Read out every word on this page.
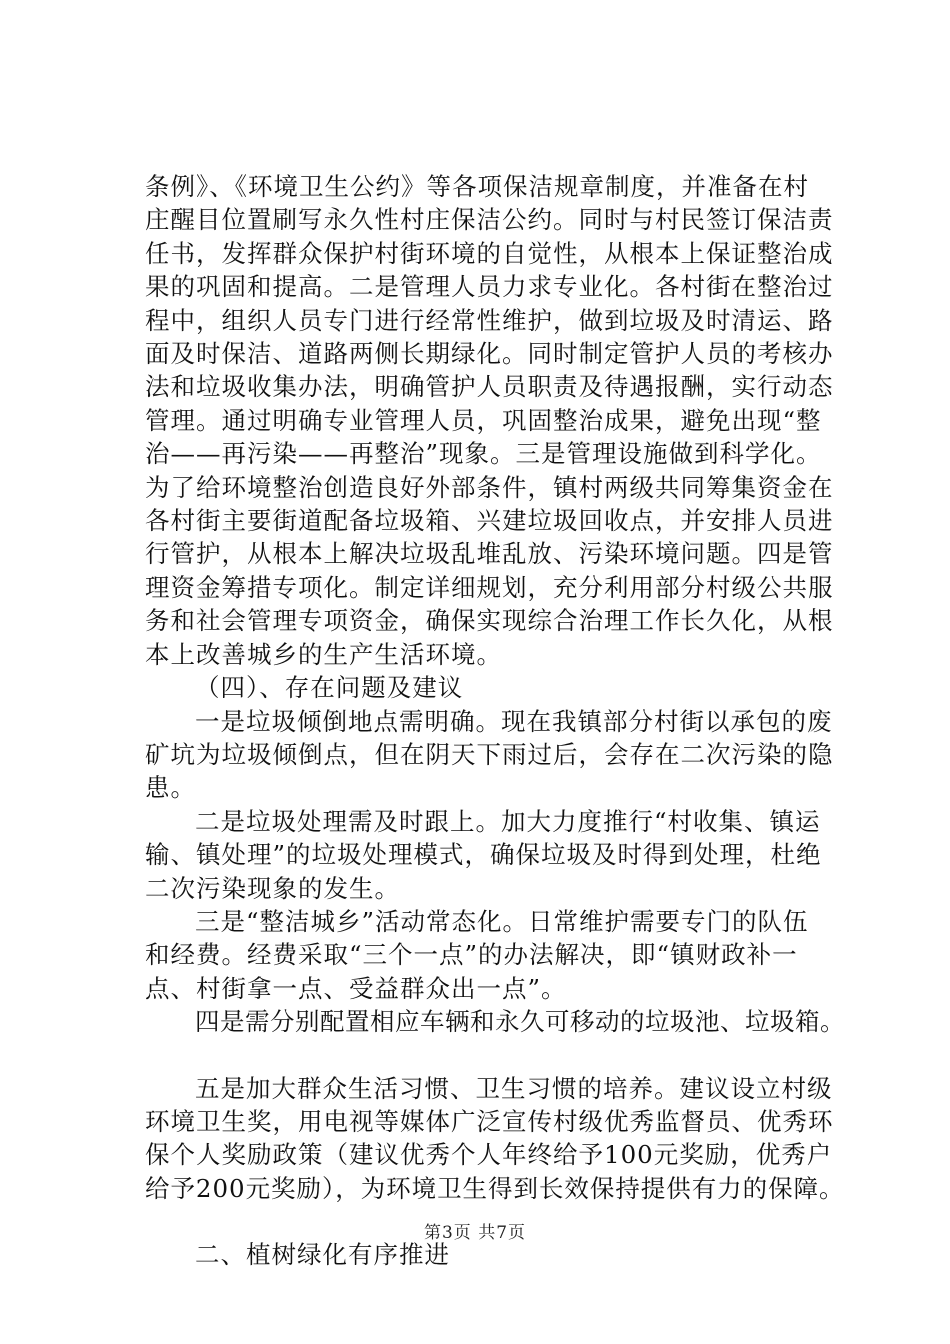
条例》、《环境卫生公约》等各项保洁规章制度，并准备在村
庄醒目位置刷写永久性村庄保洁公约。同时与村民签订保洁责
任书，发挥群众保护村街环境的自觉性，从根本上保证整治成
果的巩固和提高。二是管理人员力求专业化。各村街在整治过
程中，组织人员专门进行经常性维护，做到垃圾及时清运、路
面及时保洁、道路两侧长期绿化。同时制定管护人员的考核办
法和垃圾收集办法，明确管护人员职责及待遇报酬，实行动态
管理。通过明确专业管理人员，巩固整治成果，避免出现“整
治——再污染——再整治”现象。三是管理设施做到科学化。
为了给环境整治创造良好外部条件，镇村两级共同筹集资金在
各村街主要街道配备垃圾箱、兴建垃圾回收点，并安排人员进
行管护，从根本上解决垃圾乱堆乱放、污染环境问题。四是管
理资金筹措专项化。制定详细规划，充分利用部分村级公共服
务和社会管理专项资金，确保实现综合治理工作长久化，从根
本上改善城乡的生产生活环境。

（四）、存在问题及建议

一是垃圾倾倒地点需明确。现在我镇部分村街以承包的废
矿坑为垃圾倾倒点，但在阴天下雨过后，会存在二次污染的隐
患。

二是垃圾处理需及时跟上。加大力度推行“村收集、镇运
输、镇处理”的垃圾处理模式，确保垃圾及时得到处理，杜绝
二次污染现象的发生。

三是“整洁城乡”活动常态化。日常维护需要专门的队伍
和经费。经费采取“三个一点”的办法解决，即“镇财政补一
点、村街拿一点、受益群众出一点”。

四是需分别配置相应车辆和永久可移动的垃圾池、垃圾箱。

五是加大群众生活习惯、卫生习惯的培养。建议设立村级
环境卫生奖，用电视等媒体广泛宣传村级优秀监督员、优秀环
保个人奖励政策（建议优秀个人年终给予100元奖励，优秀户
给予200元奖励），为环境卫生得到长效保持提供有力的保障。

二、植树绿化有序推进

第3页 共7页
